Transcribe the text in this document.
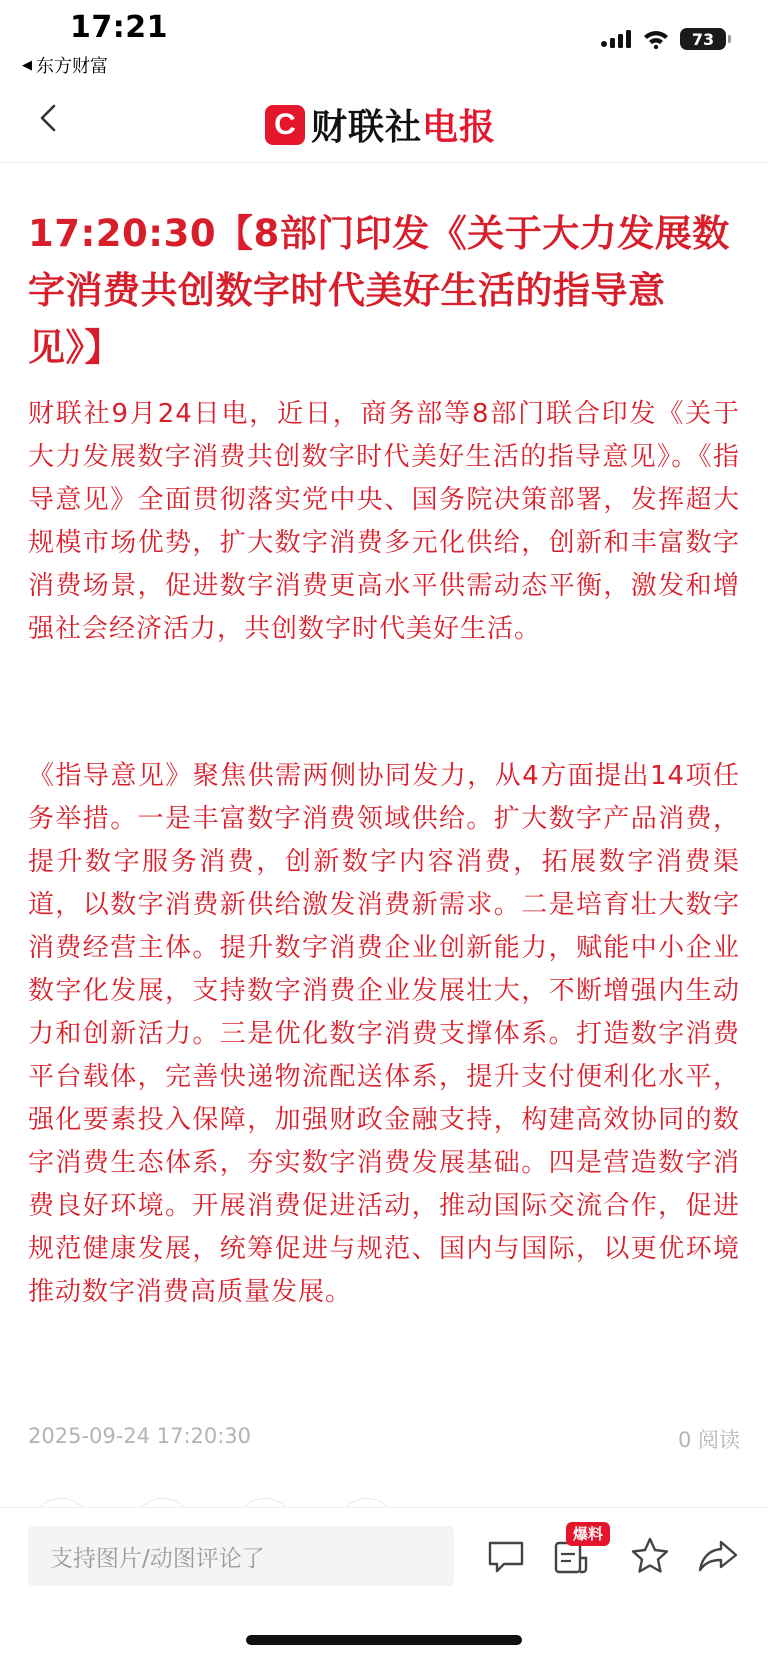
17:21
◀ 东方财富
73
C 财联社电报
17:20:30【8部门印发《关于大力发展数字消费共创数字时代美好生活的指导意见》】

财联社9月24日电，近日，商务部等8部门联合印发《关于大力发展数字消费共创数字时代美好生活的指导意见》。《指导意见》全面贯彻落实党中央、国务院决策部署，发挥超大规模市场优势，扩大数字消费多元化供给，创新和丰富数字消费场景，促进数字消费更高水平供需动态平衡，激发和增强社会经济活力，共创数字时代美好生活。

《指导意见》聚焦供需两侧协同发力，从4方面提出14项任务举措。一是丰富数字消费领域供给。扩大数字产品消费，提升数字服务消费，创新数字内容消费，拓展数字消费渠道，以数字消费新供给激发消费新需求。二是培育壮大数字消费经营主体。提升数字消费企业创新能力，赋能中小企业数字化发展，支持数字消费企业发展壮大，不断增强内生动力和创新活力。三是优化数字消费支撑体系。打造数字消费平台载体，完善快递物流配送体系，提升支付便利化水平，强化要素投入保障，加强财政金融支持，构建高效协同的数字消费生态体系，夯实数字消费发展基础。四是营造数字消费良好环境。开展消费促进活动，推动国际交流合作，促进规范健康发展，统筹促进与规范、国内与国际，以更优环境推动数字消费高质量发展。

2025-09-24 17:20:30	0 阅读
支持图片/动图评论了
爆料
